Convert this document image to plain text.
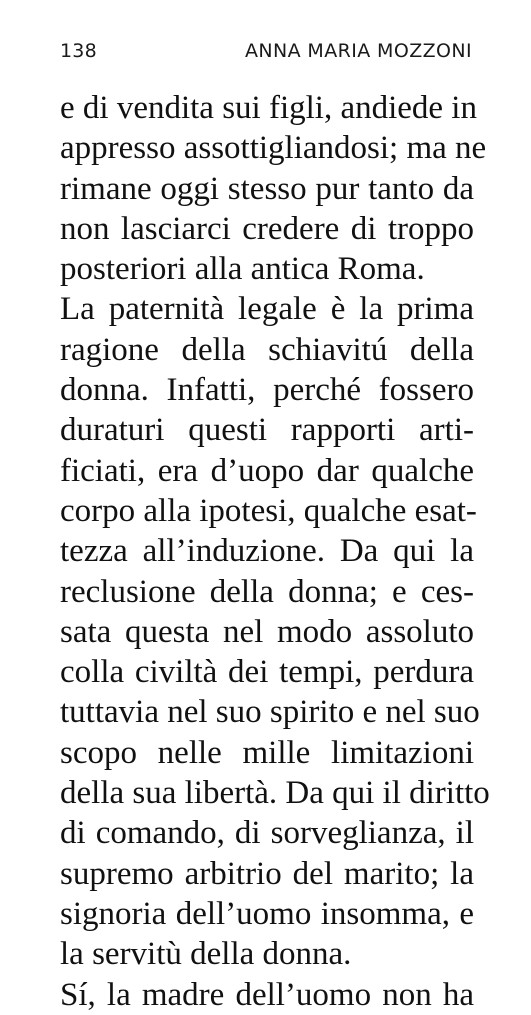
138	ANNA MARIA MOZZONI
e di vendita sui figli, andiede in
appresso assottigliandosi; ma ne
rimane oggi stesso pur tanto da
non lasciarci credere di troppo
posteriori alla antica Roma.
La paternità legale è la prima
ragione della schiavitú della
donna. Infatti, perché fossero
duraturi questi rapporti arti-
ficiati, era d’uopo dar qualche
corpo alla ipotesi, qualche esat-
tezza all’induzione. Da qui la
reclusione della donna; e ces-
sata questa nel modo assoluto
colla civiltà dei tempi, perdura
tuttavia nel suo spirito e nel suo
scopo nelle mille limitazioni
della sua libertà. Da qui il diritto
di comando, di sorveglianza, il
supremo arbitrio del marito; la
signoria dell’uomo insomma, e
la servitù della donna.
Sí, la madre dell’uomo non ha
